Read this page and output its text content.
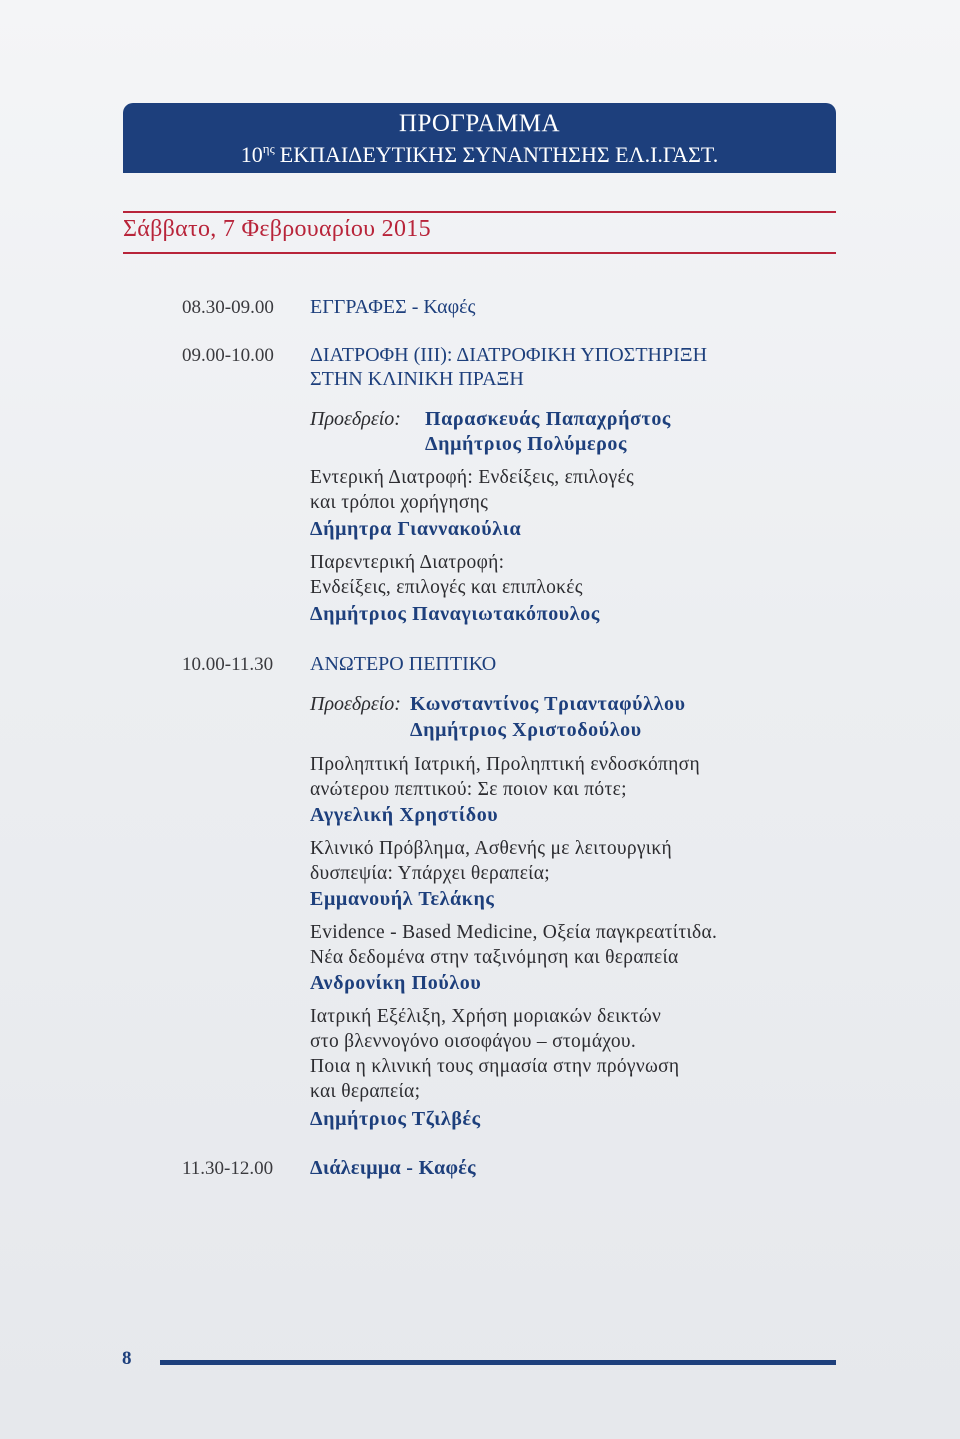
ΠΡΟΓΡΑΜΜΑ
$10^{\eta\varsigma}$ ΕΚΠΑΙΔΕΥΤΙΚΗΣ ΣΥΝΑΝΤΗΣΗΣ ΕΛ.Ι.ΓΑΣΤ.
Σάββατο, 7 Φεβρουαρίου 2015
08.30-09.00	ΕΓΓΡΑΦΕΣ - Καφές
09.00-10.00	ΔΙΑΤΡΟΦΗ (ΙΙΙ): ΔΙΑΤΡΟΦΙΚΗ ΥΠΟΣΤΗΡΙΞΗ
ΣΤΗΝ ΚΛΙΝΙΚΗ ΠΡΑΞΗ
Προεδρείο: Παρασκευάς Παπαχρήστος
Δημήτριος Πολύμερος
Εντερική Διατροφή: Ενδείξεις, επιλογές
και τρόποι χορήγησης
Δήμητρα Γιαννακούλια
Παρεντερική Διατροφή:
Ενδείξεις, επιλογές και επιπλοκές
Δημήτριος Παναγιωτακόπουλος
10.00-11.30	ΑΝΩΤΕΡΟ ΠΕΠΤΙΚΟ
Προεδρείο: Κωνσταντίνος Τριανταφύλλου
Δημήτριος Χριστοδούλου
Προληπτική Ιατρική, Προληπτική ενδοσκόπηση
ανώτερου πεπτικού: Σε ποιον και πότε;
Αγγελική Χρηστίδου
Κλινικό Πρόβλημα, Ασθενής με λειτουργική
δυσπεψία: Υπάρχει θεραπεία;
Εμμανουήλ Τελάκης
Evidence - Based Medicine, Οξεία παγκρεατίτιδα.
Νέα δεδομένα στην ταξινόμηση και θεραπεία
Ανδρονίκη Πούλου
Ιατρική Εξέλιξη, Χρήση μοριακών δεικτών
στο βλεννογόνο οισοφάγου – στομάχου.
Ποια η κλινική τους σημασία στην πρόγνωση
και θεραπεία;
Δημήτριος Τζιλβές
11.30-12.00	Διάλειμμα - Καφές
8
